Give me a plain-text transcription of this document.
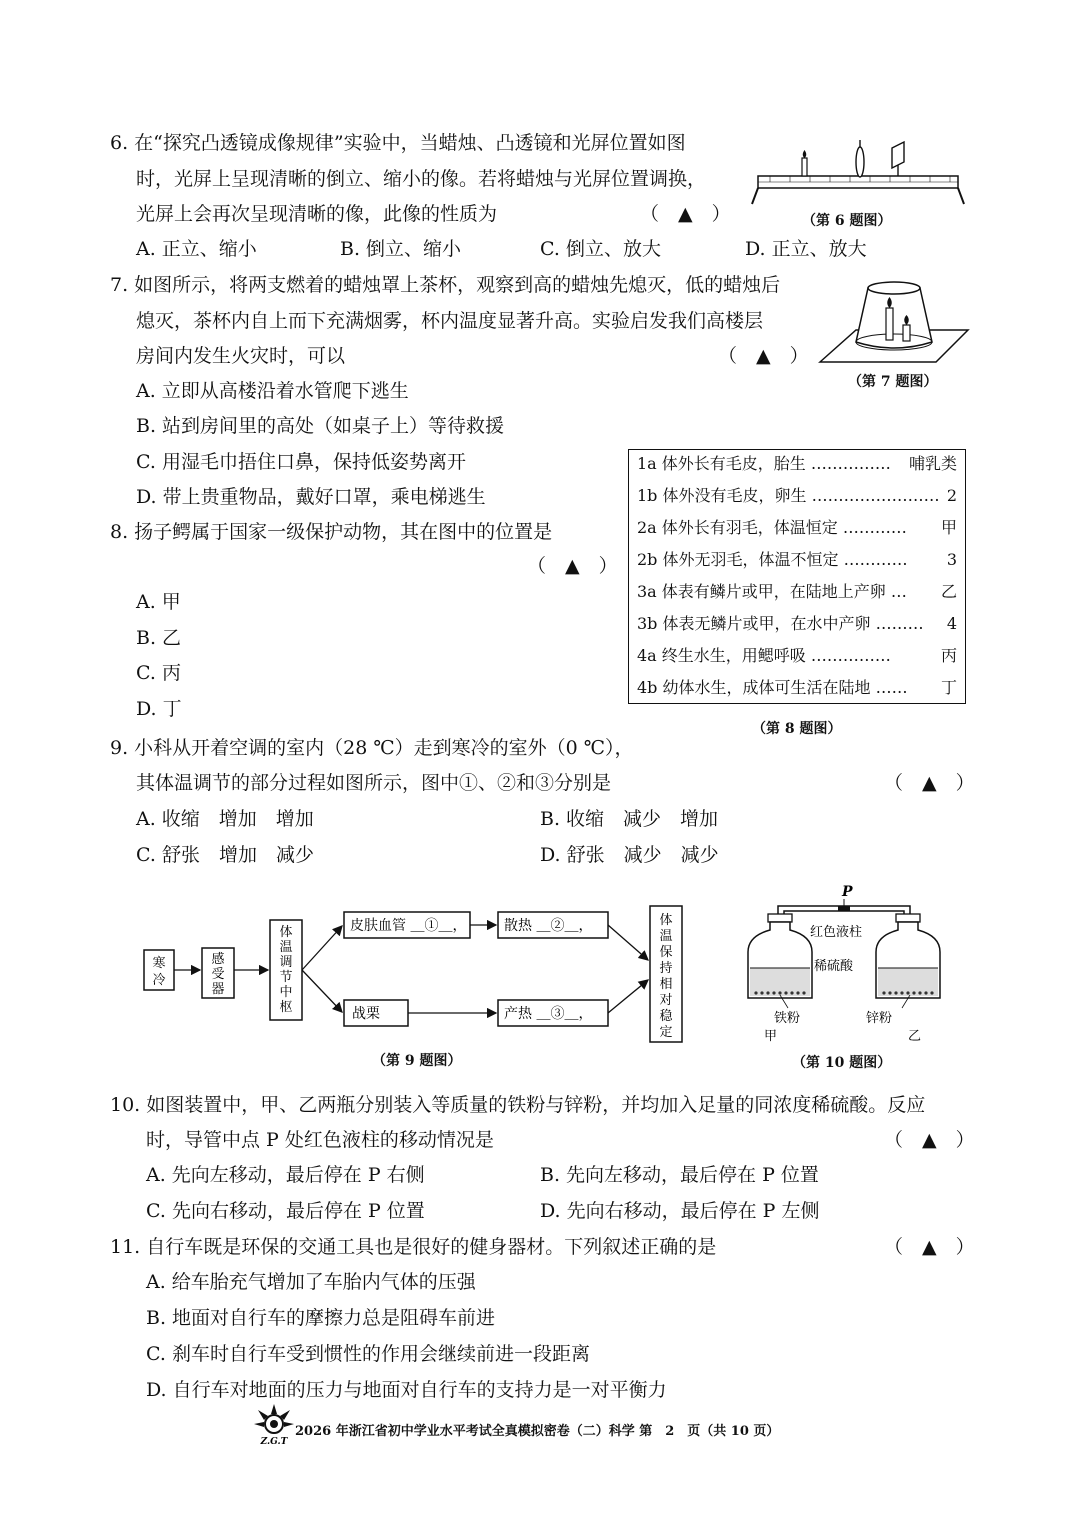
6. 在“探究凸透镜成像规律”实验中，当蜡烛、凸透镜和光屏位置如图
时，光屏上呈现清晰的倒立、缩小的像。若将蜡烛与光屏位置调换，
光屏上会再次呈现清晰的像，此像的性质为	（　▲　）
A. 正立、缩小	B. 倒立、缩小	C. 倒立、放大	D. 正立、放大
（第 6 题图）
7. 如图所示，将两支燃着的蜡烛罩上茶杯，观察到高的蜡烛先熄灭，低的蜡烛后
熄灭，茶杯内自上而下充满烟雾，杯内温度显著升高。实验启发我们高楼层
房间内发生火灾时，可以	（　▲　）
A. 立即从高楼沿着水管爬下逃生
B. 站到房间里的高处（如桌子上）等待救援
C. 用湿毛巾捂住口鼻，保持低姿势离开
D. 带上贵重物品，戴好口罩，乘电梯逃生
（第 7 题图）
8. 扬子鳄属于国家一级保护动物，其在图中的位置是
（　▲　）
A. 甲
B. 乙
C. 丙
D. 丁
1a 体外长有毛皮，胎生 …………… 哺乳类
1b 体外没有毛皮，卵生 …………………… 2
2a 体外长有羽毛，体温恒定 ………… 甲
2b 体外无羽毛，体温不恒定 ………… 3
3a 体表有鳞片或甲，在陆地上产卵 … 乙
3b 体表无鳞片或甲，在水中产卵 ……… 4
4a 终生水生，用鳃呼吸 ……………	丙
4b 幼体水生，成体可生活在陆地 …… 丁
（第 8 题图）
9. 小科从开着空调的室内（28 ℃）走到寒冷的室外（0 ℃），
其体温调节的部分过程如图所示，图中①、②和③分别是	（　▲　）
A. 收缩　增加　增加	B. 收缩　减少　增加
C. 舒张　增加　减少	D. 舒张　减少　减少
寒
冷
感
受
器
体
温
调
节
中
枢
皮肤血管 ＿①＿，	散热 ＿②＿，
战栗	产热 ＿③＿，
体
温
保
持
相
对
稳
定
（第 9 题图）
P
红色液柱
稀硫酸
铁粉	锌粉
甲	乙
（第 10 题图）
10. 如图装置中，甲、乙两瓶分别装入等质量的铁粉与锌粉，并均加入足量的同浓度稀硫酸。反应
时，导管中点 P 处红色液柱的移动情况是	（　▲　）
A. 先向左移动，最后停在 P 右侧	B. 先向左移动，最后停在 P 位置
C. 先向右移动，最后停在 P 位置	D. 先向右移动，最后停在 P 左侧
11. 自行车既是环保的交通工具也是很好的健身器材。下列叙述正确的是	（　▲　）
A. 给车胎充气增加了车胎内气体的压强
B. 地面对自行车的摩擦力总是阻碍车前进
C. 刹车时自行车受到惯性的作用会继续前进一段距离
D. 自行车对地面的压力与地面对自行车的支持力是一对平衡力
Z.G.T
2026 年浙江省初中学业水平考试全真模拟密卷（二）科学 第　2　页（共 10 页）
